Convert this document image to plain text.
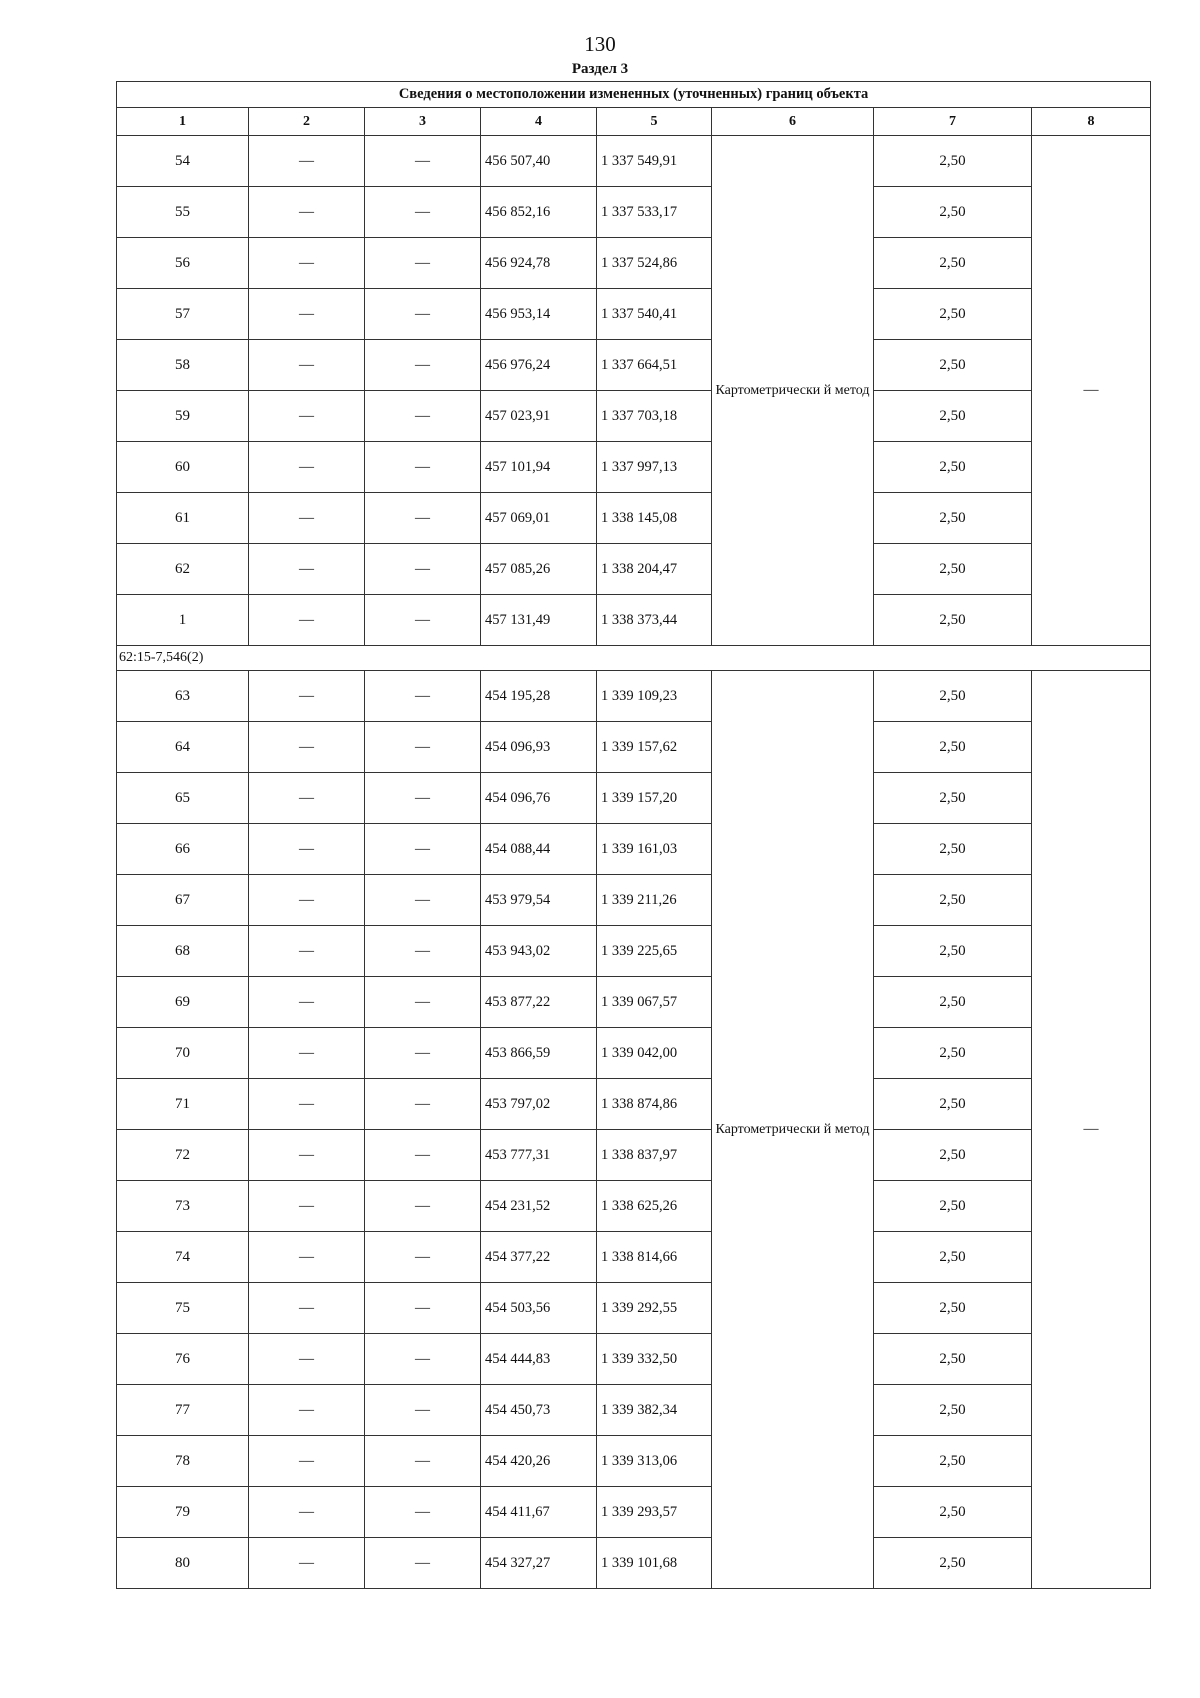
130
Раздел 3
Сведения о местоположении измененных (уточненных) границ объекта							
1	2	3	4	5	6	7	8
54	—	—	456 507,40	1 337 549,91	Картометрически й метод	2,50	—
55	—	—	456 852,16	1 337 533,17		2,50	
56	—	—	456 924,78	1 337 524,86		2,50	
57	—	—	456 953,14	1 337 540,41		2,50	
58	—	—	456 976,24	1 337 664,51		2,50	
59	—	—	457 023,91	1 337 703,18		2,50	
60	—	—	457 101,94	1 337 997,13		2,50	
61	—	—	457 069,01	1 338 145,08		2,50	
62	—	—	457 085,26	1 338 204,47		2,50	
1	—	—	457 131,49	1 338 373,44		2,50	
62:15-7,546(2)							
63	—	—	454 195,28	1 339 109,23	Картометрически й метод	2,50	—
64	—	—	454 096,93	1 339 157,62		2,50	
65	—	—	454 096,76	1 339 157,20		2,50	
66	—	—	454 088,44	1 339 161,03		2,50	
67	—	—	453 979,54	1 339 211,26		2,50	
68	—	—	453 943,02	1 339 225,65		2,50	
69	—	—	453 877,22	1 339 067,57		2,50	
70	—	—	453 866,59	1 339 042,00		2,50	
71	—	—	453 797,02	1 338 874,86		2,50	
72	—	—	453 777,31	1 338 837,97		2,50	
73	—	—	454 231,52	1 338 625,26		2,50	
74	—	—	454 377,22	1 338 814,66		2,50	
75	—	—	454 503,56	1 339 292,55		2,50	
76	—	—	454 444,83	1 339 332,50		2,50	
77	—	—	454 450,73	1 339 382,34		2,50	
78	—	—	454 420,26	1 339 313,06		2,50	
79	—	—	454 411,67	1 339 293,57		2,50	
80	—	—	454 327,27	1 339 101,68		2,50	
